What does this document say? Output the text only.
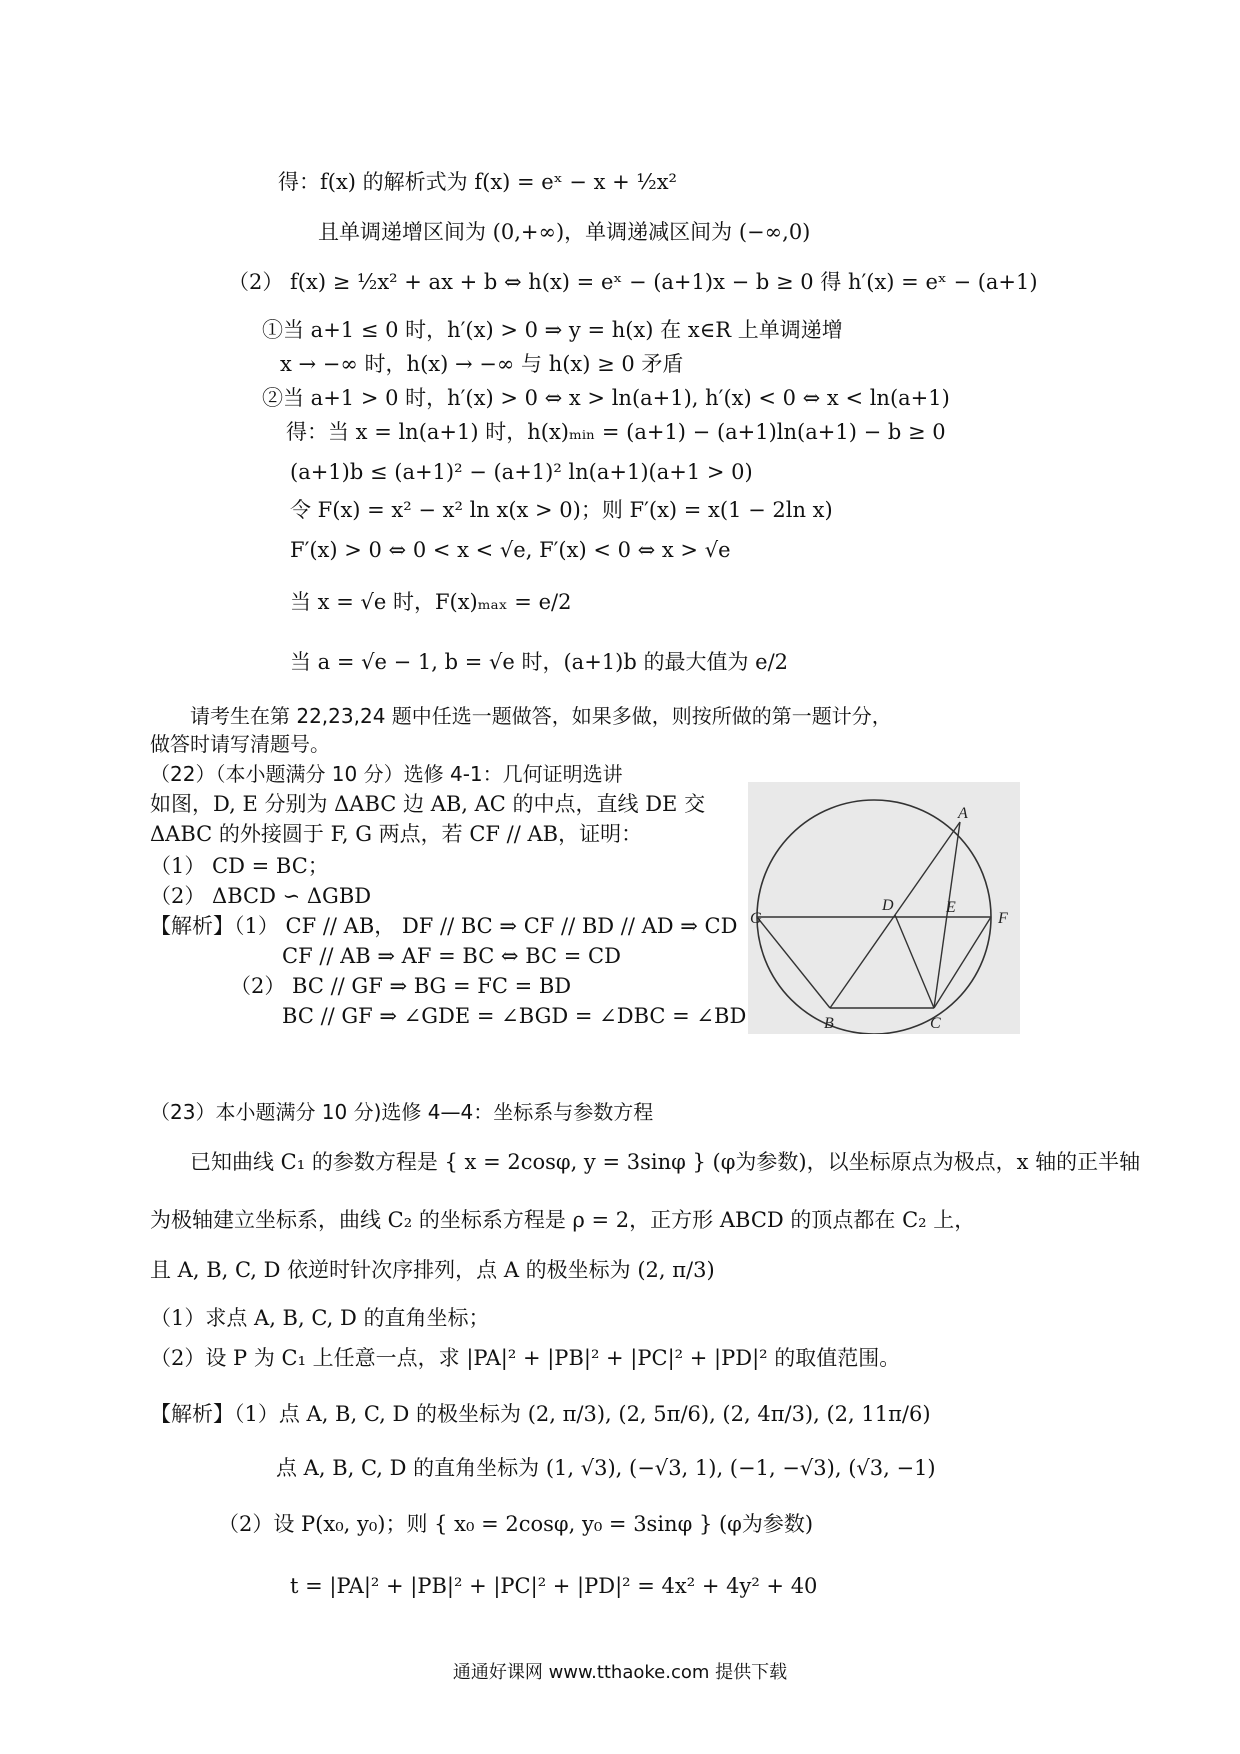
得：f(x) 的解析式为 f(x) = eˣ − x + ½x²
且单调递增区间为 (0,+∞)，单调递减区间为 (−∞,0)
（2） f(x) ≥ ½x² + ax + b ⇔ h(x) = eˣ − (a+1)x − b ≥ 0 得 h′(x) = eˣ − (a+1)
①当 a+1 ≤ 0 时，h′(x) > 0 ⇒ y = h(x) 在 x∈R 上单调递增
x → −∞ 时，h(x) → −∞ 与 h(x) ≥ 0 矛盾
②当 a+1 > 0 时，h′(x) > 0 ⇔ x > ln(a+1), h′(x) < 0 ⇔ x < ln(a+1)
得：当 x = ln(a+1) 时，h(x)ₘᵢₙ = (a+1) − (a+1)ln(a+1) − b ≥ 0
(a+1)b ≤ (a+1)² − (a+1)² ln(a+1)(a+1 > 0)
令 F(x) = x² − x² ln x(x > 0)；则 F′(x) = x(1 − 2ln x)
F′(x) > 0 ⇔ 0 < x < √e, F′(x) < 0 ⇔ x > √e
当 x = √e 时，F(x)ₘₐₓ = e/2
当 a = √e − 1, b = √e 时，(a+1)b 的最大值为 e/2
请考生在第 22,23,24 题中任选一题做答，如果多做，则按所做的第一题计分，
做答时请写清题号。
（22）（本小题满分 10 分）选修 4-1：几何证明选讲
如图，D, E 分别为 ΔABC 边 AB, AC 的中点，直线 DE 交
ΔABC 的外接圆于 F, G 两点，若 CF // AB，证明：
（1） CD = BC；
（2） ΔBCD ∽ ΔGBD
【解析】（1） CF // AB， DF // BC ⇒ CF // BD // AD ⇒ CD
CF // AB ⇒ AF = BC ⇔ BC = CD
（2） BC // GF ⇒ BG = FC = BD
BC // GF ⇒ ∠GDE = ∠BGD = ∠DBC = ∠BD
A
D	E
G	F
B	C
（23）本小题满分 10 分)选修 4—4：坐标系与参数方程
已知曲线 C₁ 的参数方程是 { x = 2cosφ, y = 3sinφ } (φ为参数)，以坐标原点为极点，x 轴的正半轴
为极轴建立坐标系，曲线 C₂ 的坐标系方程是 ρ = 2，正方形 ABCD 的顶点都在 C₂ 上，
且 A, B, C, D 依逆时针次序排列，点 A 的极坐标为 (2, π/3)
（1）求点 A, B, C, D 的直角坐标；
（2）设 P 为 C₁ 上任意一点，求 |PA|² + |PB|² + |PC|² + |PD|² 的取值范围。
【解析】（1）点 A, B, C, D 的极坐标为 (2, π/3), (2, 5π/6), (2, 4π/3), (2, 11π/6)
点 A, B, C, D 的直角坐标为 (1, √3), (−√3, 1), (−1, −√3), (√3, −1)
（2）设 P(x₀, y₀)；则 { x₀ = 2cosφ, y₀ = 3sinφ } (φ为参数)
t = |PA|² + |PB|² + |PC|² + |PD|² = 4x² + 4y² + 40
通通好课网 www.tthaoke.com 提供下载
